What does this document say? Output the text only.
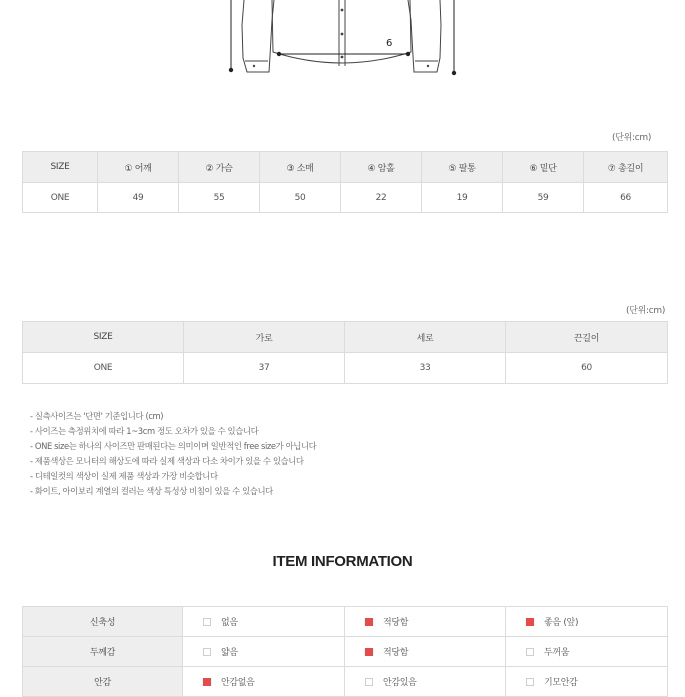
6
(단위:cm)
SIZE	① 어깨	② 가슴	③ 소매	④ 암홀	⑤ 팔통	⑥ 밑단	⑦ 총길이
ONE	49	55	50	22	19	59	66
(단위:cm)
SIZE	가로	세로	끈길이
ONE	37	33	60
- 실측사이즈는 '단면' 기준입니다 (cm)
- 사이즈는 측정위치에 따라 1~3cm 정도 오차가 있을 수 있습니다
- ONE size는 하나의 사이즈만 판매된다는 의미이며 일반적인 free size가 아닙니다
- 제품색상은 모니터의 해상도에 따라 실제 색상과 다소 차이가 있을 수 있습니다
- 디테일컷의 색상이 실제 제품 색상과 가장 비슷합니다
- 화이트, 아이보리 계열의 컬러는 색상 특성상 비침이 있을 수 있습니다
ITEM INFORMATION
신축성	없음	적당함	좋음 (앞)
두께감	얇음	적당함	두꺼움
안감	안감없음	안감있음	기모안감
